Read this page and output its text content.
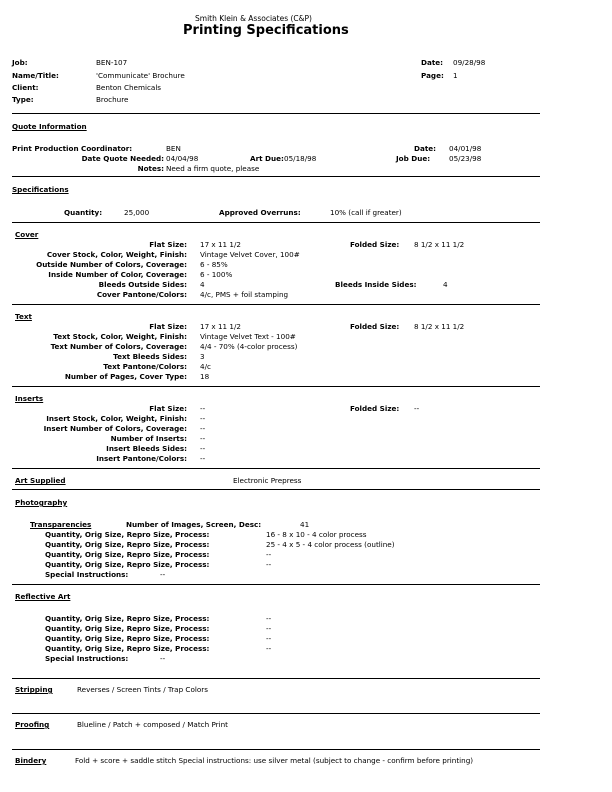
Smith Klein & Associates (C&P)
Printing Specifications
Job:	BEN-107
Name/Title:	'Communicate' Brochure
Client:	Benton Chemicals
Type:	Brochure
Date: 09/28/98
Page: 1
Quote Information
Print Production Coordinator:	BEN	Date: 04/01/98
Date Quote Needed: 04/04/98	Art Due: 05/18/98	Job Due:	05/23/98
Notes: Need a firm quote, please
Specifications
Quantity:	25,000	Approved Overruns:	10% (call if greater)
Cover
Flat Size: 17 x 11 1/2	Folded Size: 8 1/2 x 11 1/2
Cover Stock, Color, Weight, Finish: Vintage Velvet Cover, 100#
Outside Number of Colors, Coverage: 6 - 85%
Inside Number of Color, Coverage: 6 - 100%
Bleeds Outside Sides: 4	Bleeds Inside Sides:	4
Cover Pantone/Colors: 4/c, PMS + foil stamping
Text
Flat Size: 17 x 11 1/2	Folded Size: 8 1/2 x 11 1/2
Text Stock, Color, Weight, Finish: Vintage Velvet Text - 100#
Text Number of Colors, Coverage: 4/4 - 70% (4-color process)
Text Bleeds Sides: 3
Text Pantone/Colors: 4/c
Number of Pages, Cover Type: 18
Inserts
Flat Size: --	Folded Size: --
Insert Stock, Color, Weight, Finish: --
Insert Number of Colors, Coverage: --
Number of Inserts: --
Insert Bleeds Sides: --
Insert Pantone/Colors: --
Art Supplied	Electronic Prepress
Photography
Transparencies	Number of Images, Screen, Desc:	41
Quantity, Orig Size, Repro Size, Process:	16 - 8 x 10 - 4 color process
Quantity, Orig Size, Repro Size, Process:	25 - 4 x 5 - 4 color process (outline)
Quantity, Orig Size, Repro Size, Process:	--
Quantity, Orig Size, Repro Size, Process:	--
Special Instructions:	--
Reflective Art
Quantity, Orig Size, Repro Size, Process:	--
Quantity, Orig Size, Repro Size, Process:	--
Quantity, Orig Size, Repro Size, Process:	--
Quantity, Orig Size, Repro Size, Process:	--
Special Instructions:	--
Stripping	Reverses / Screen Tints / Trap Colors
Proofing	Blueline / Patch + composed / Match Print
Bindery	Fold + score + saddle stitch Special instructions: use silver metal (subject to change - confirm before printing)
